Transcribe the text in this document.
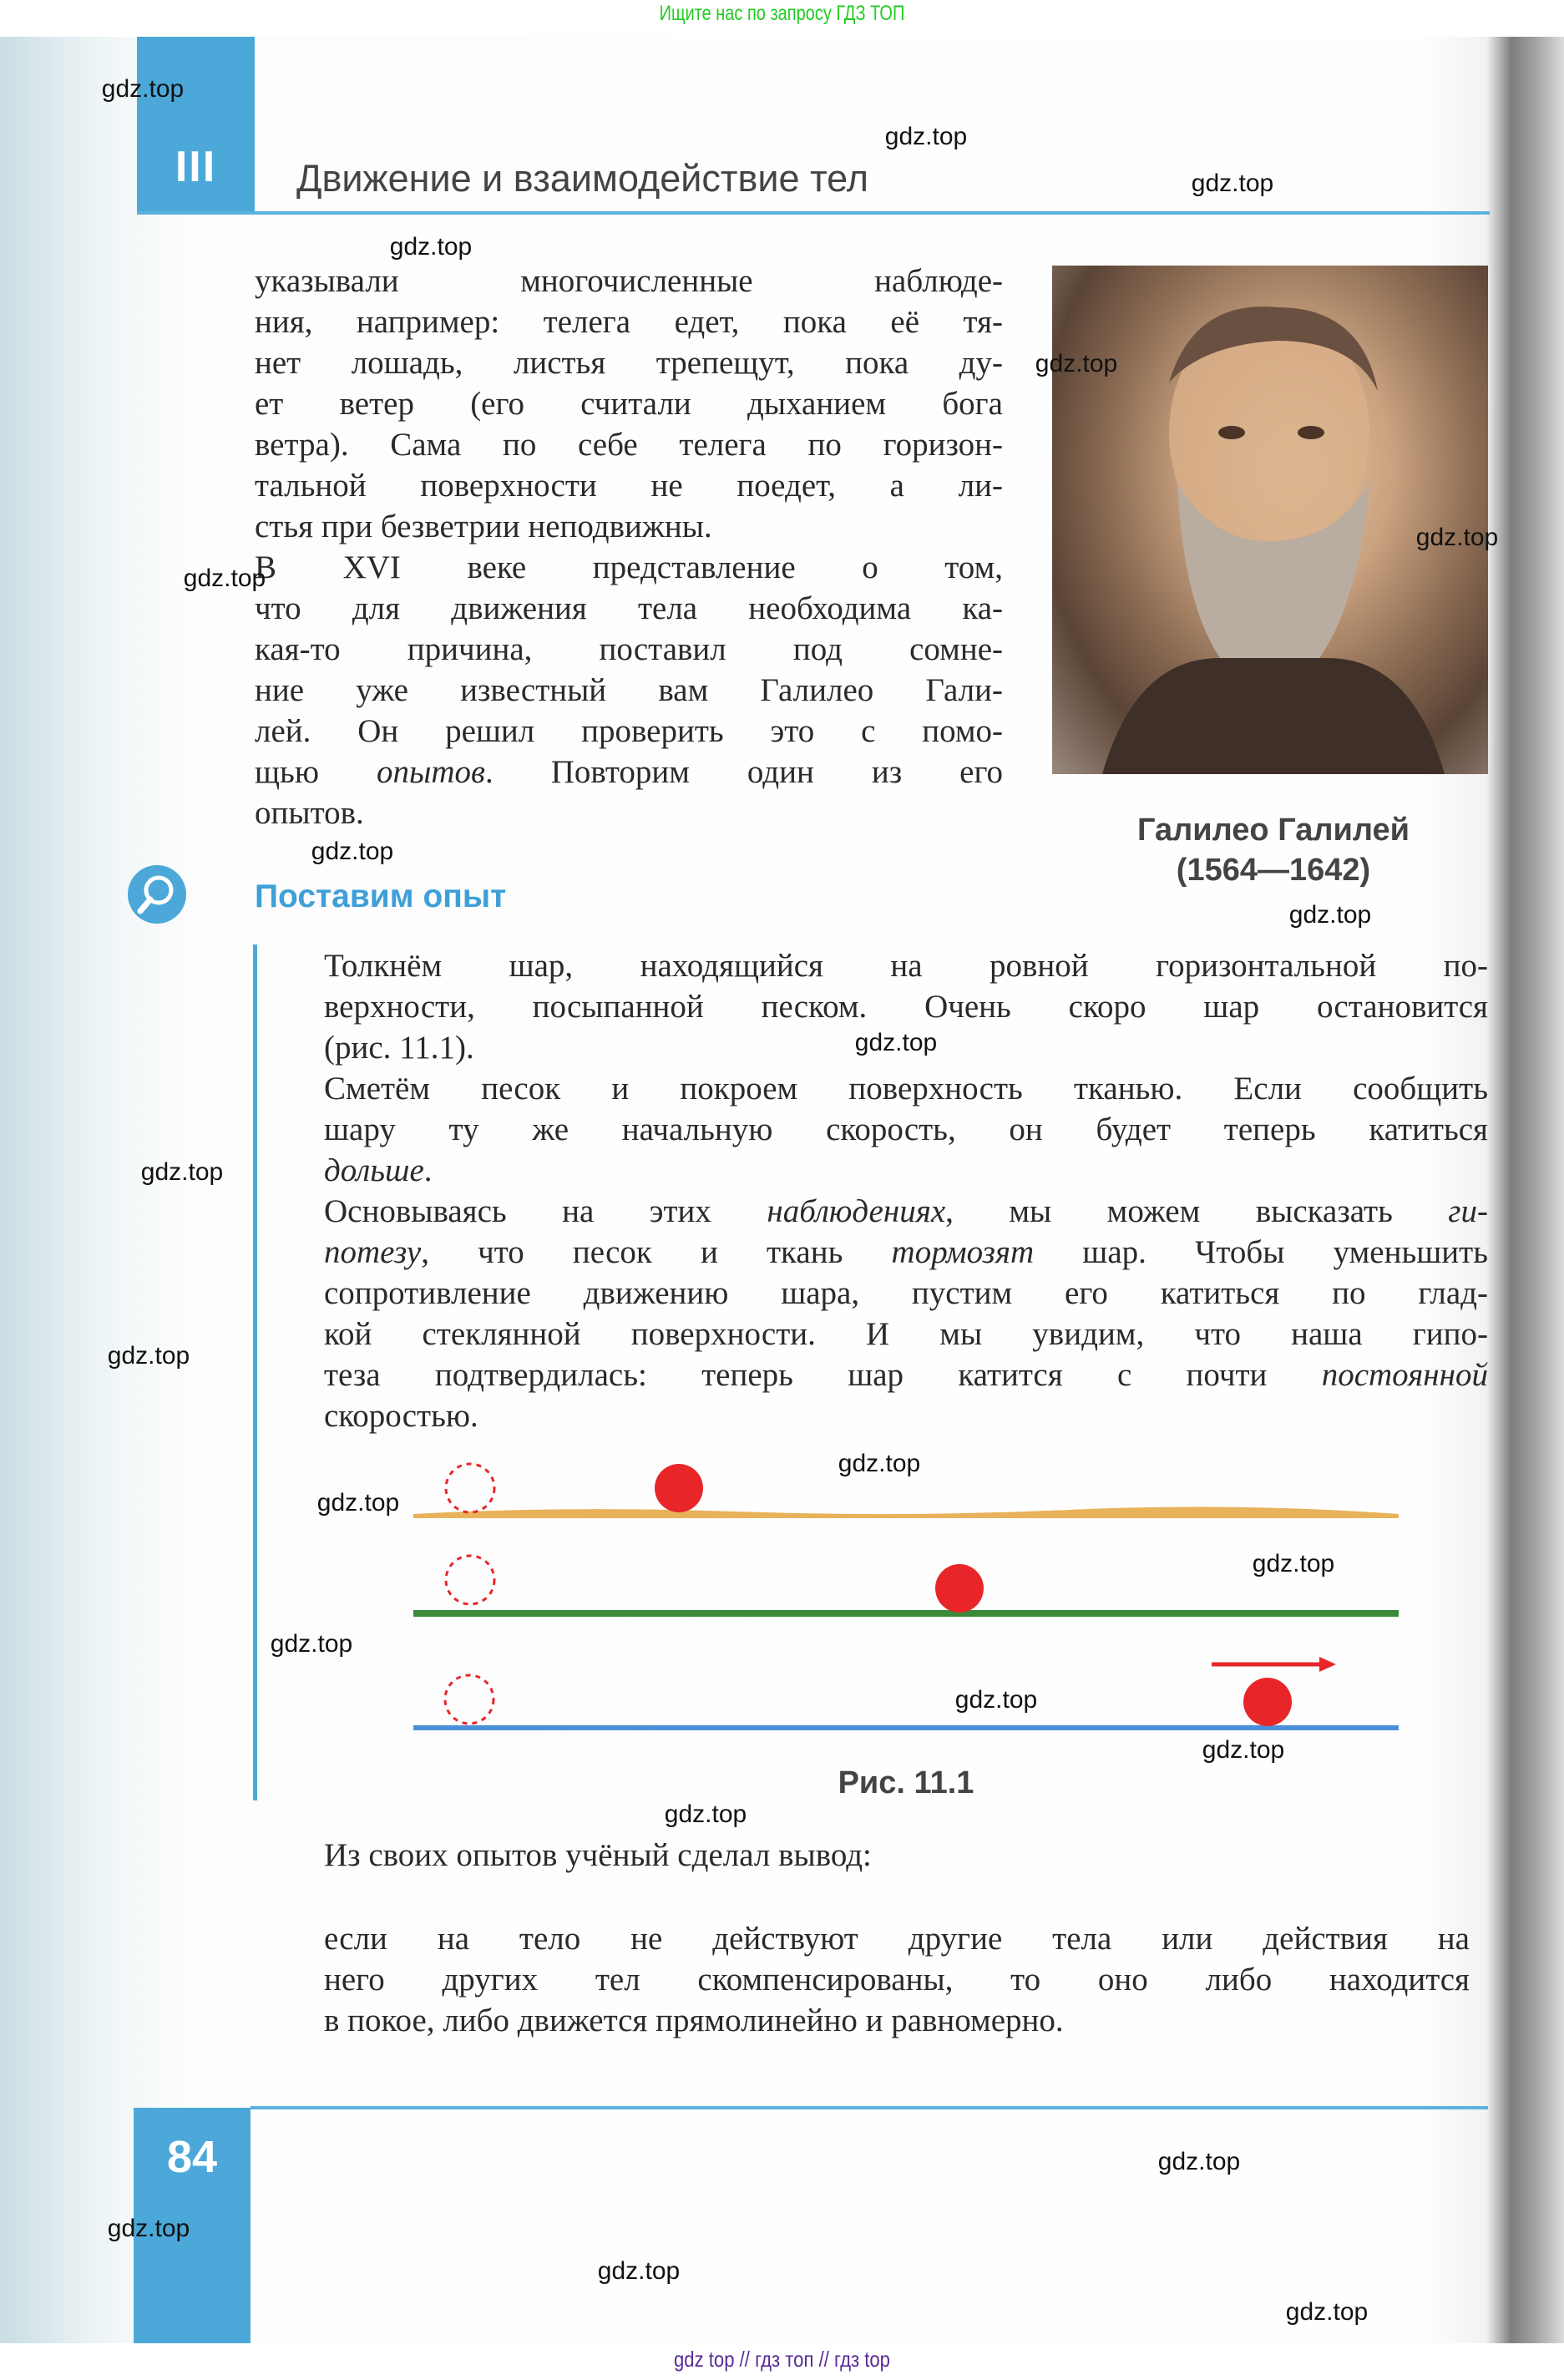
Ищите нас по запросу ГДЗ ТОП
III	Движение и взаимодействие тел
указывали многочисленные наблюде-
ния, например: телега едет, пока её тя-
нет лошадь, листья трепещут, пока ду-
ет ветер (его считали дыханием бога
ветра). Сама по себе телега по горизон-
тальной поверхности не поедет, а ли-
стья при безветрии неподвижны.
В XVI веке представление о том,
что для движения тела необходима ка-
кая-то причина, поставил под сомне-
ние уже известный вам Галилео Гали-
лей. Он решил проверить это с помо-
щью опытов. Повторим один из его
опытов.	Галилео Галилей
(1564—1642)
Поставим опыт
Толкнём шар, находящийся на ровной горизонтальной по-
верхности, посыпанной песком. Очень скоро шар остановится
(рис. 11.1).
Сметём песок и покроем поверхность тканью. Если сообщить
шару ту же начальную скорость, он будет теперь катиться
дольше.
Основываясь на этих наблюдениях, мы можем высказать ги-
потезу, что песок и ткань тормозят шар. Чтобы уменьшить
сопротивление движению шара, пустим его катиться по глад-
кой стеклянной поверхности. И мы увидим, что наша гипо-
теза подтвердилась: теперь шар катится с почти постоянной
скоростью.
Рис. 11.1
Из своих опытов учёный сделал вывод:
если на тело не действуют другие тела или действия на
него других тел скомпенсированы, то оно либо находится
в покое, либо движется прямолинейно и равномерно.
84
gdz top // гдз топ // гдз top
gdz.top
gdz.top
gdz.top
gdz.top
gdz.top
gdz.top
gdz.top
gdz.top
gdz.top
gdz.top
gdz.top
gdz.top
gdz.top
gdz.top
gdz.top
gdz.top
gdz.top
gdz.top
gdz.top
gdz.top
gdz.top
gdz.top
gdz.top
